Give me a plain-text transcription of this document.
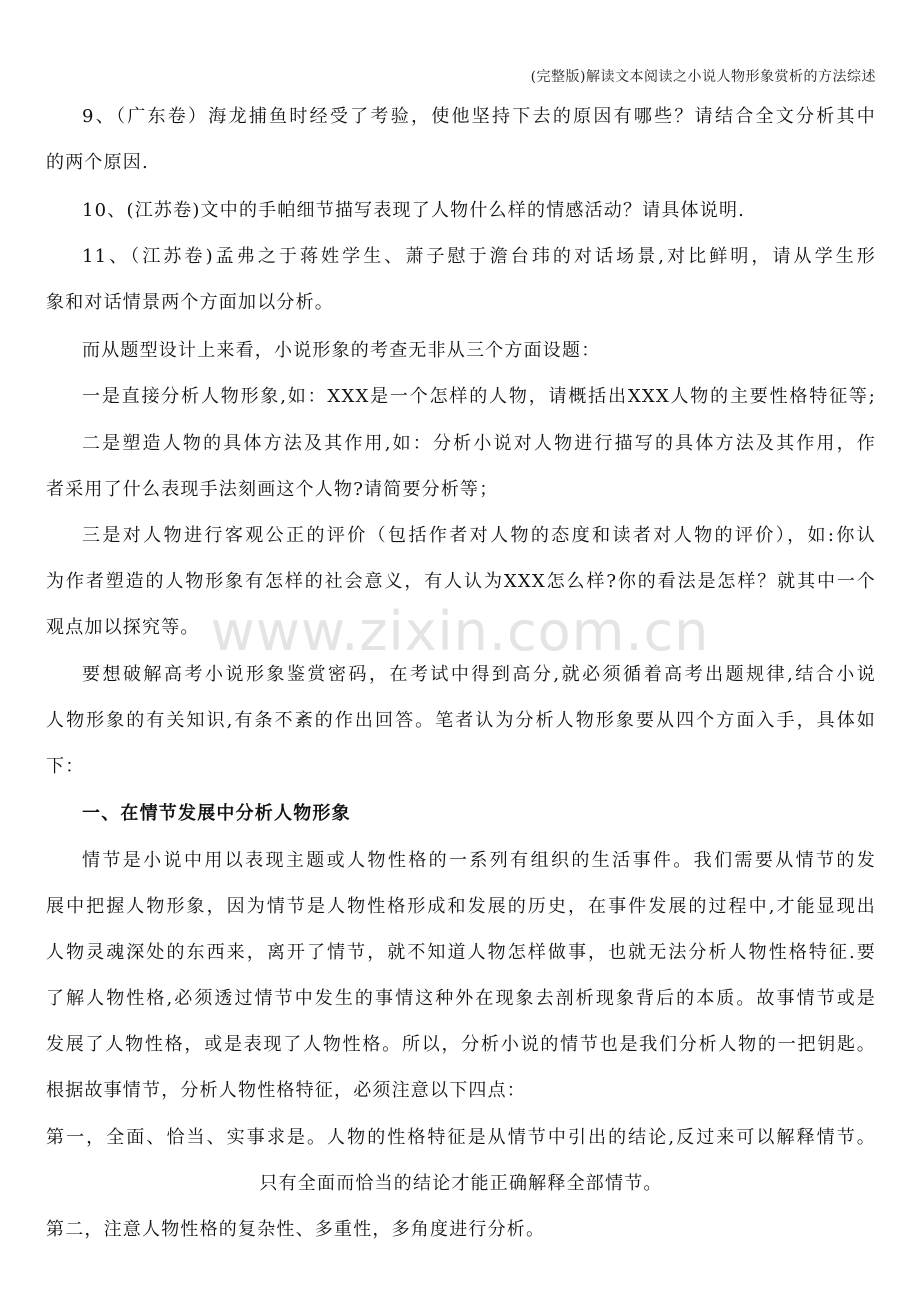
(完整版)解读文本阅读之小说人物形象赏析的方法综述
www.zixin.com.cn
9、（广东卷）海龙捕鱼时经受了考验，使他坚持下去的原因有哪些？请结合全文分析其中
的两个原因.
10、(江苏卷)文中的手帕细节描写表现了人物什么样的情感活动？请具体说明.
11、（江苏卷)孟弗之于蒋姓学生、萧子慰于澹台玮的对话场景,对比鲜明，请从学生形
象和对话情景两个方面加以分析。
而从题型设计上来看，小说形象的考查无非从三个方面设题：
一是直接分析人物形象,如：XXX是一个怎样的人物，请概括出XXX人物的主要性格特征等;
二是塑造人物的具体方法及其作用,如：分析小说对人物进行描写的具体方法及其作用，作
者采用了什么表现手法刻画这个人物?请简要分析等；
三是对人物进行客观公正的评价（包括作者对人物的态度和读者对人物的评价），如:你认
为作者塑造的人物形象有怎样的社会意义，有人认为XXX怎么样?你的看法是怎样？就其中一个
观点加以探究等。
要想破解高考小说形象鉴赏密码，在考试中得到高分,就必须循着高考出题规律,结合小说
人物形象的有关知识,有条不紊的作出回答。笔者认为分析人物形象要从四个方面入手，具体如
下：
一、在情节发展中分析人物形象
情节是小说中用以表现主题或人物性格的一系列有组织的生活事件。我们需要从情节的发
展中把握人物形象，因为情节是人物性格形成和发展的历史，在事件发展的过程中,才能显现出
人物灵魂深处的东西来，离开了情节，就不知道人物怎样做事，也就无法分析人物性格特征.要
了解人物性格,必须透过情节中发生的事情这种外在现象去剖析现象背后的本质。故事情节或是
发展了人物性格，或是表现了人物性格。所以，分析小说的情节也是我们分析人物的一把钥匙。
根据故事情节，分析人物性格特征，必须注意以下四点：
第一，全面、恰当、实事求是。人物的性格特征是从情节中引出的结论,反过来可以解释情节。
只有全面而恰当的结论才能正确解释全部情节。
第二，注意人物性格的复杂性、多重性，多角度进行分析。
